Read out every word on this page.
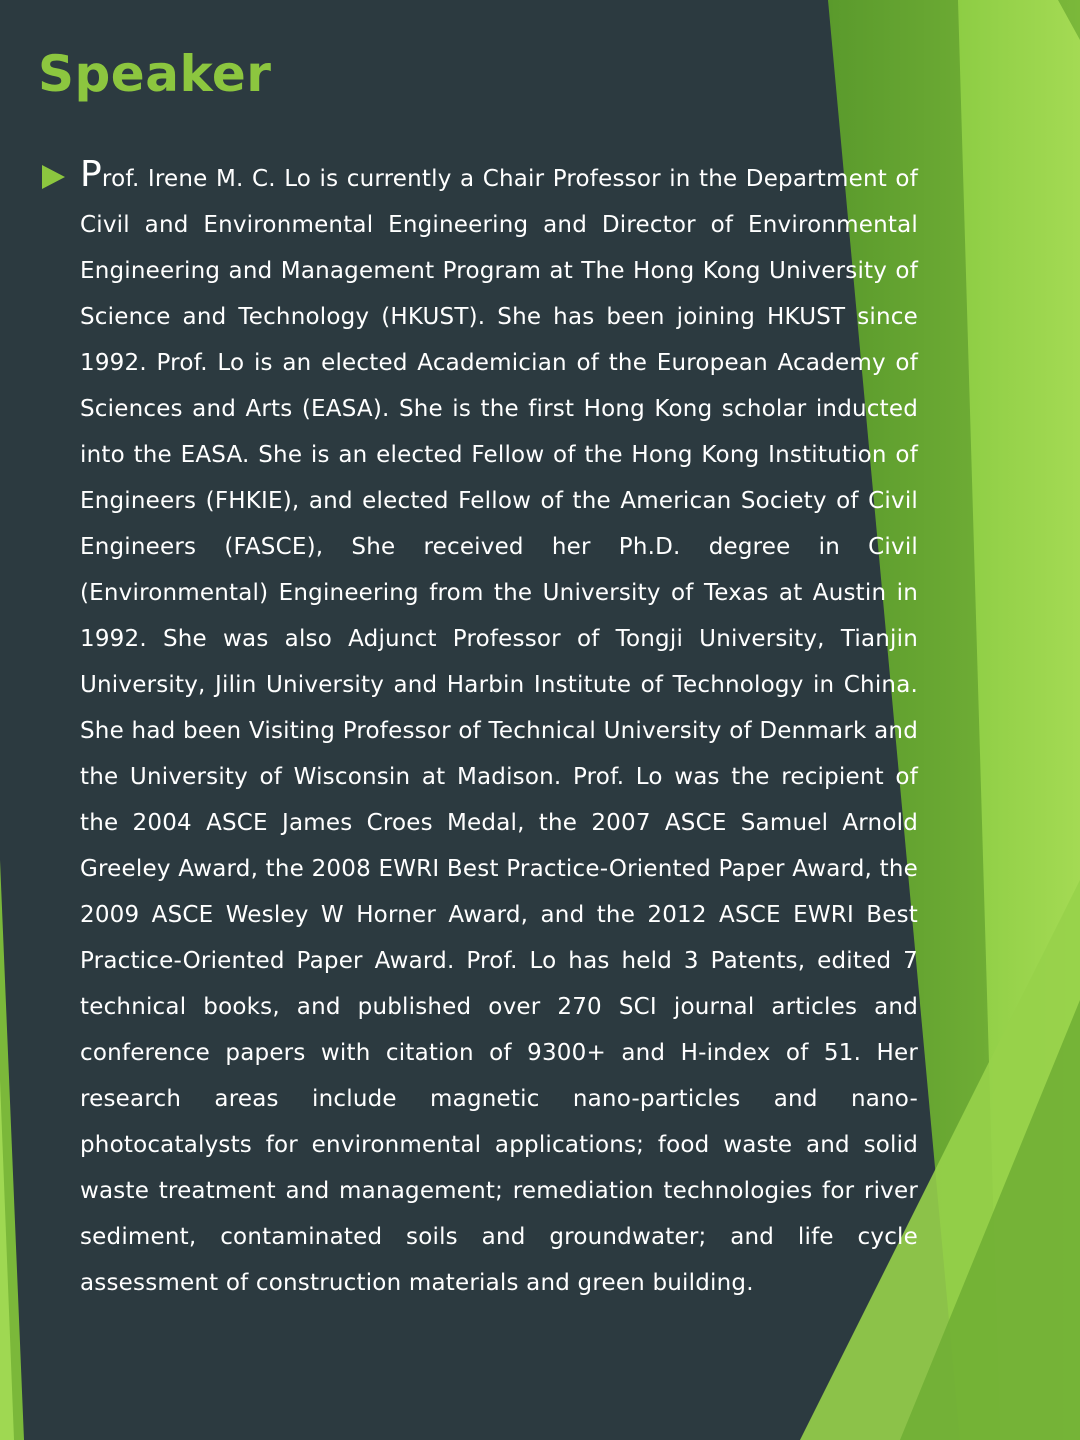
Speaker

Prof. Irene M. C. Lo is currently a Chair Professor in the Department of Civil and Environmental Engineering and Director of Environmental Engineering and Management Program at The Hong Kong University of Science and Technology (HKUST). She has been joining HKUST since 1992. Prof. Lo is an elected Academician of the European Academy of Sciences and Arts (EASA). She is the first Hong Kong scholar inducted into the EASA. She is an elected Fellow of the Hong Kong Institution of Engineers (FHKIE), and elected Fellow of the American Society of Civil Engineers (FASCE), She received her Ph.D. degree in Civil (Environmental) Engineering from the University of Texas at Austin in 1992. She was also Adjunct Professor of Tongji University, Tianjin University, Jilin University and Harbin Institute of Technology in China. She had been Visiting Professor of Technical University of Denmark and the University of Wisconsin at Madison. Prof. Lo was the recipient of the 2004 ASCE James Croes Medal, the 2007 ASCE Samuel Arnold Greeley Award, the 2008 EWRI Best Practice-Oriented Paper Award, the 2009 ASCE Wesley W Horner Award, and the 2012 ASCE EWRI Best Practice-Oriented Paper Award. Prof. Lo has held 3 Patents, edited 7 technical books, and published over 270 SCI journal articles and conference papers with citation of 9300+ and H-index of 51. Her research areas include magnetic nano-particles and nano-photocatalysts for environmental applications; food waste and solid waste treatment and management; remediation technologies for river sediment, contaminated soils and groundwater; and life cycle assessment of construction materials and green building.
